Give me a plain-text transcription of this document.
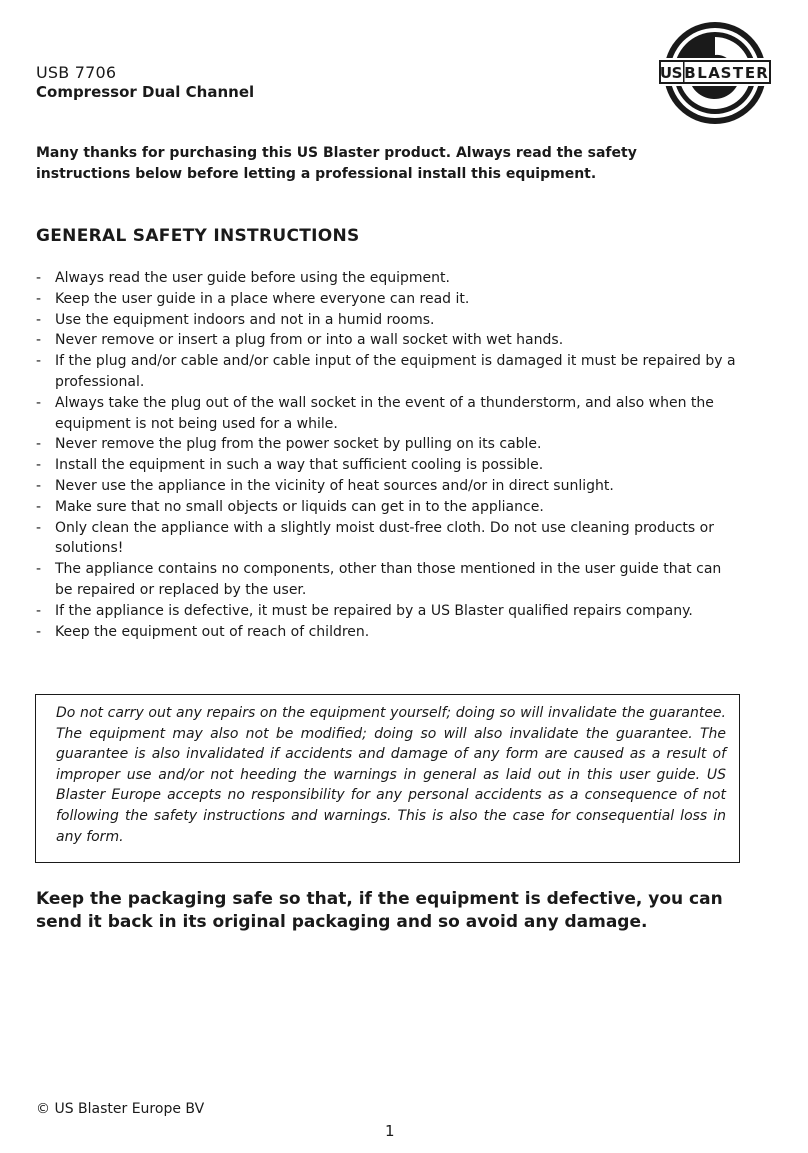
USB 7706
Compressor Dual Channel
U S B L A S T E R

Many thanks for purchasing this US Blaster product. Always read the safety instructions below before letting a professional install this equipment.

GENERAL SAFETY INSTRUCTIONS
- Always read the user guide before using the equipment.
- Keep the user guide in a place where everyone can read it.
- Use the equipment indoors and not in a humid rooms.
- Never remove or insert a plug from or into a wall socket with wet hands.
- If the plug and/or cable and/or cable input of the equipment is damaged it must be repaired by a professional.
- Always take the plug out of the wall socket in the event of a thunderstorm, and also when the equipment is not being used for a while.
- Never remove the plug from the power socket by pulling on its cable.
- Install the equipment in such a way that sufficient cooling is possible.
- Never use the appliance in the vicinity of heat sources and/or in direct sunlight.
- Make sure that no small objects or liquids can get in to the appliance.
- Only clean the appliance with a slightly moist dust-free cloth. Do not use cleaning products or solutions!
- The appliance contains no components, other than those mentioned in the user guide that can be repaired or replaced by the user.
- If the appliance is defective, it must be repaired by a US Blaster qualified repairs company.
- Keep the equipment out of reach of children.

Do not carry out any repairs on the equipment yourself; doing so will invalidate the guarantee. The equipment may also not be modified; doing so will also invalidate the guarantee. The guarantee is also invalidated if accidents and damage of any form are caused as a result of improper use and/or not heeding the warnings in general as laid out in this user guide. US Blaster Europe accepts no responsibility for any personal accidents as a consequence of not following the safety instructions and warnings. This is also the case for consequential loss in any form.

Keep the packaging safe so that, if the equipment is defective, you can send it back in its original packaging and so avoid any damage.

© US Blaster Europe BV
1
